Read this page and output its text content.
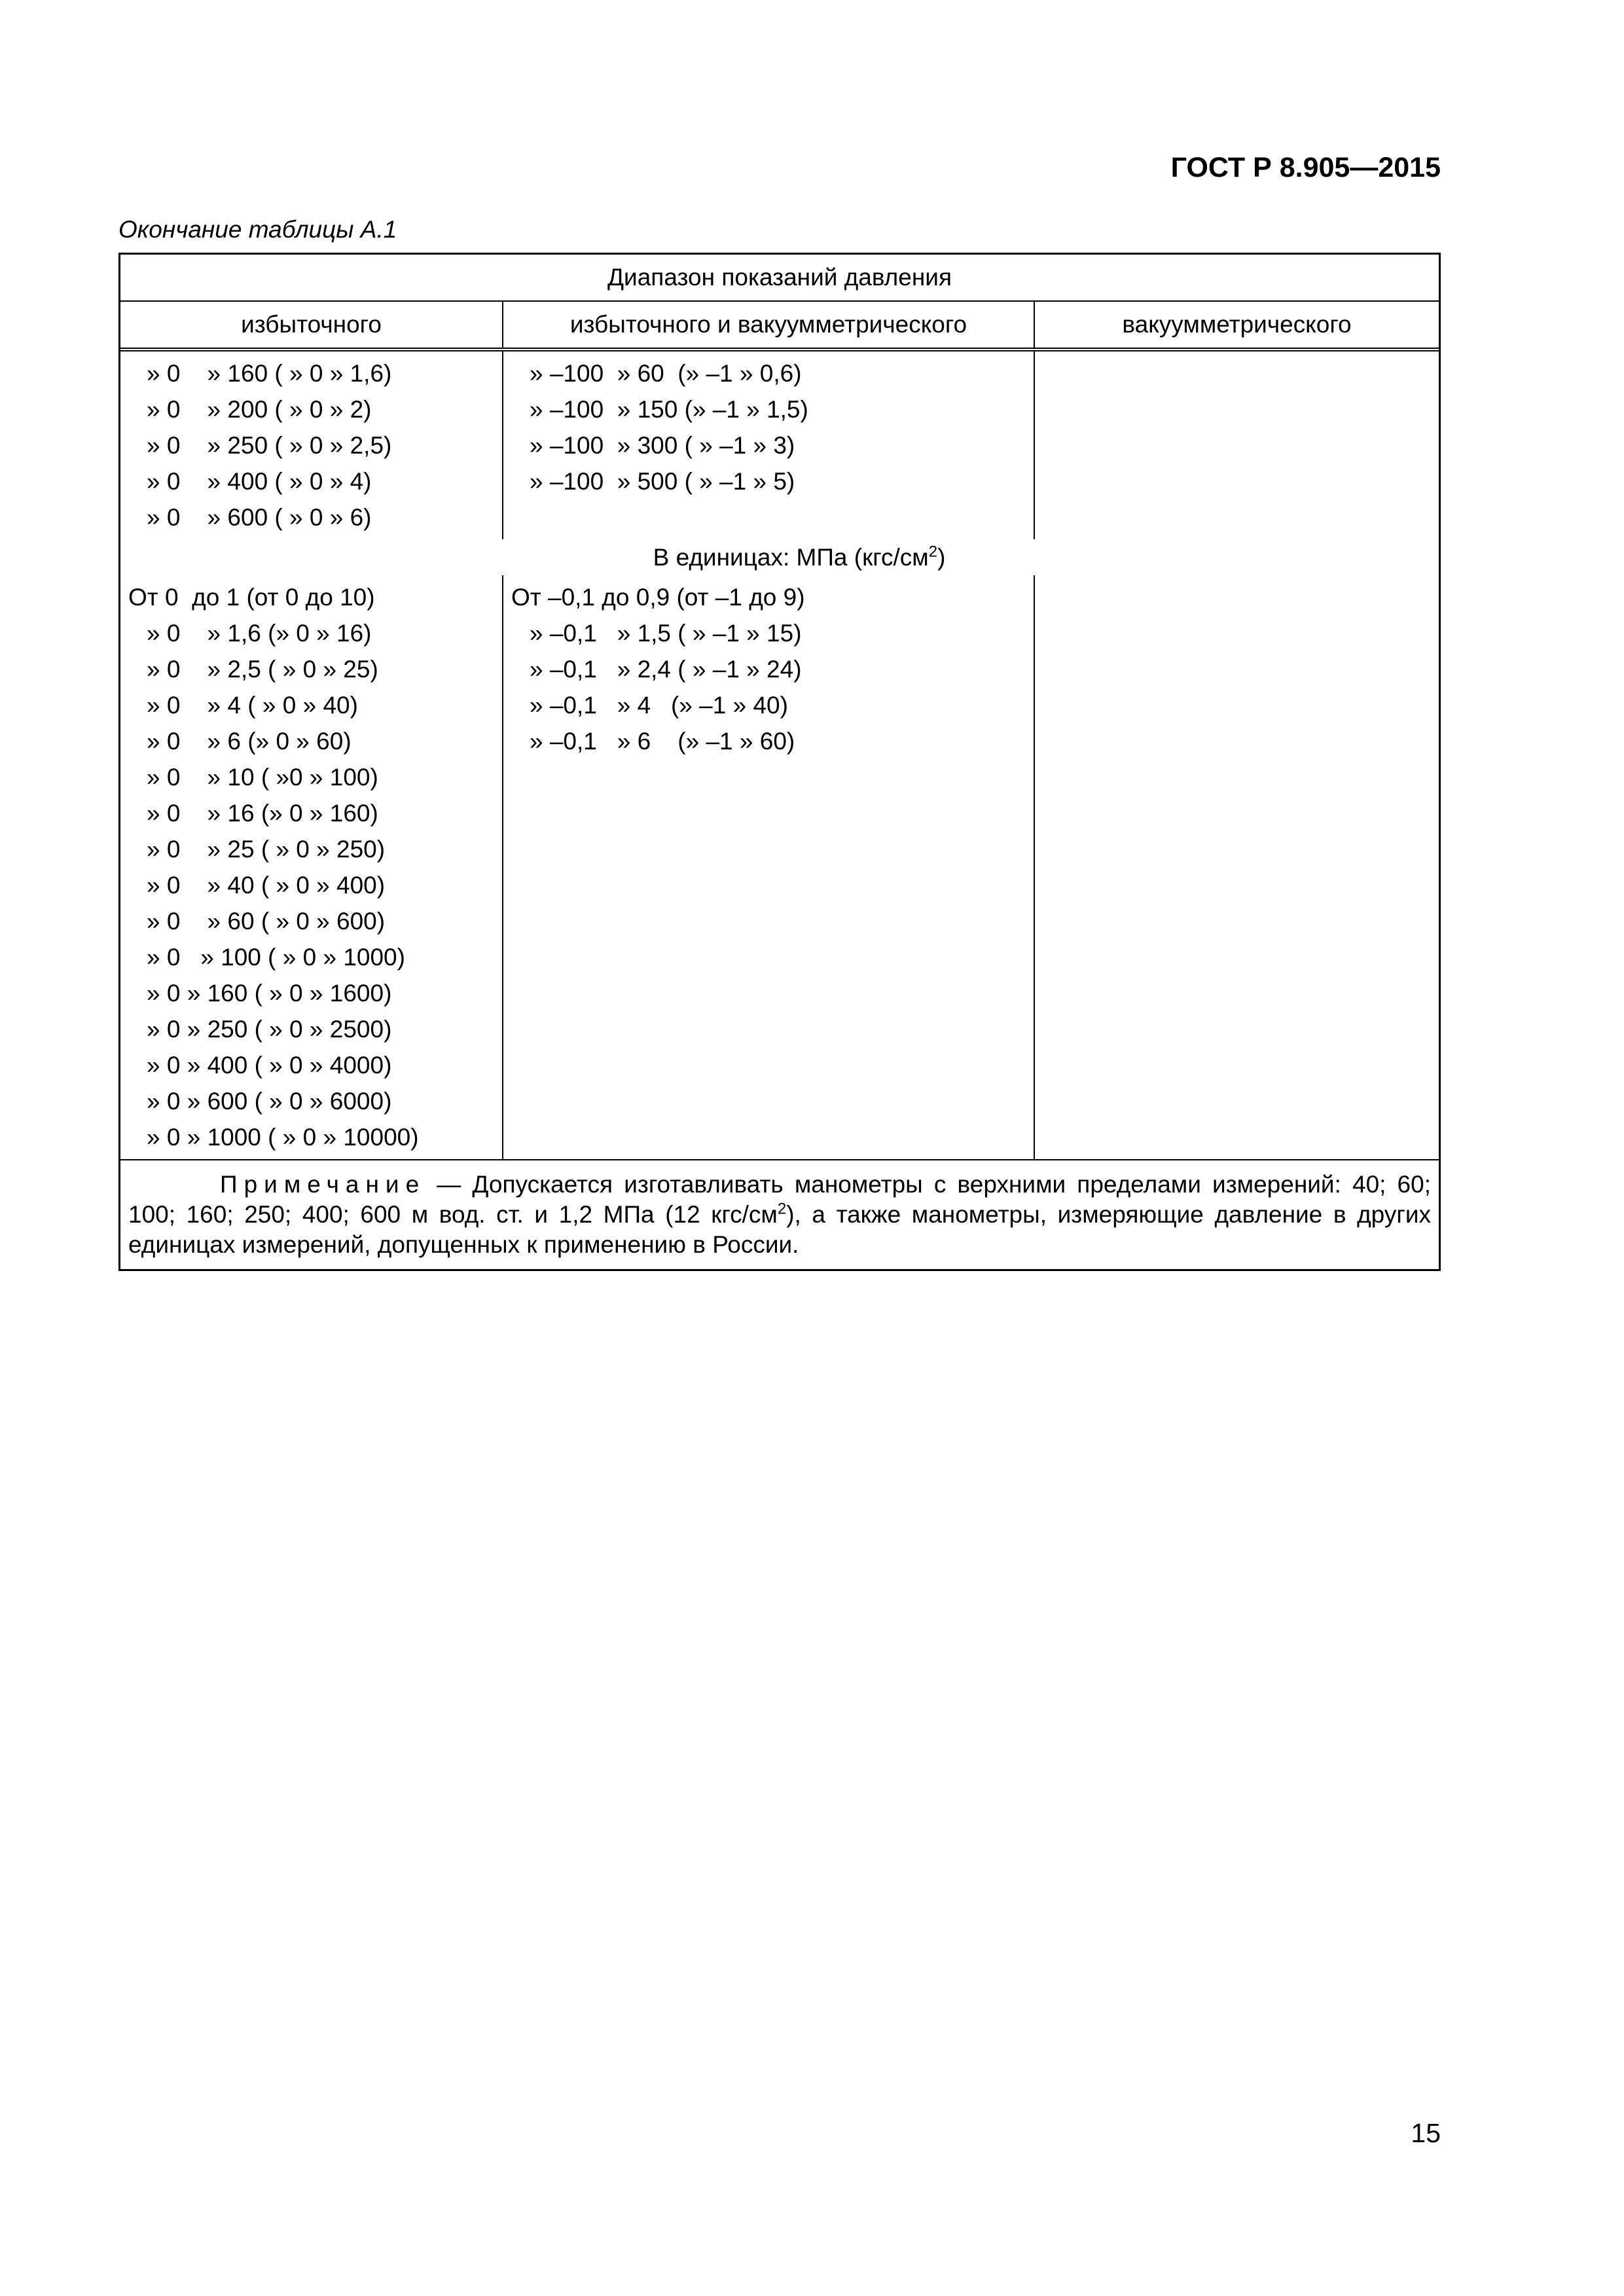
ГОСТ Р 8.905—2015
Окончание таблицы А.1
Диапазон показаний давления
избыточного	избыточного и вакуумметрического	вакуумметрического
» 0    » 160 ( » 0 » 1,6)
» 0    » 200 ( » 0 » 2)
» 0    » 250 ( » 0 » 2,5)
» 0    » 400 ( » 0 » 4)
» 0    » 600 ( » 0 » 6)
» –100  » 60  (» –1 » 0,6)
» –100  » 150 (» –1 » 1,5)
» –100  » 300 ( » –1 » 3)
» –100  » 500 ( » –1 » 5)
В единицах: МПа $(кгс/см^2)$
От 0  до 1 (от 0 до 10)
» 0    » 1,6 (» 0 » 16)
» 0    » 2,5 ( » 0 » 25)
» 0    » 4 ( » 0 » 40)
» 0    » 6 (» 0 » 60)
» 0    » 10 ( »0 » 100)
» 0    » 16 (» 0 » 160)
» 0    » 25 ( » 0 » 250)
» 0    » 40 ( » 0 » 400)
» 0    » 60 ( » 0 » 600)
» 0   » 100 ( » 0 » 1000)
» 0 » 160 ( » 0 » 1600)
» 0 » 250 ( » 0 » 2500)
» 0 » 400 ( » 0 » 4000)
» 0 » 600 ( » 0 » 6000)
» 0 » 1000 ( » 0 » 10000)
От –0,1 до 0,9 (от –1 до 9)
» –0,1   » 1,5 ( » –1 » 15)
» –0,1   » 2,4 ( » –1 » 24)
» –0,1   » 4   (» –1 » 40)
» –0,1   » 6    (» –1 » 60)
Примечание — Допускается изготавливать манометры с верхними пределами измерений: 40; 60; 100; 160; 250; 400; 600 м вод. ст. и 1,2 МПа (12 кгс/$см^2$), а также манометры, измеряющие давление в других единицах измерений, допущенных к применению в России.
15
